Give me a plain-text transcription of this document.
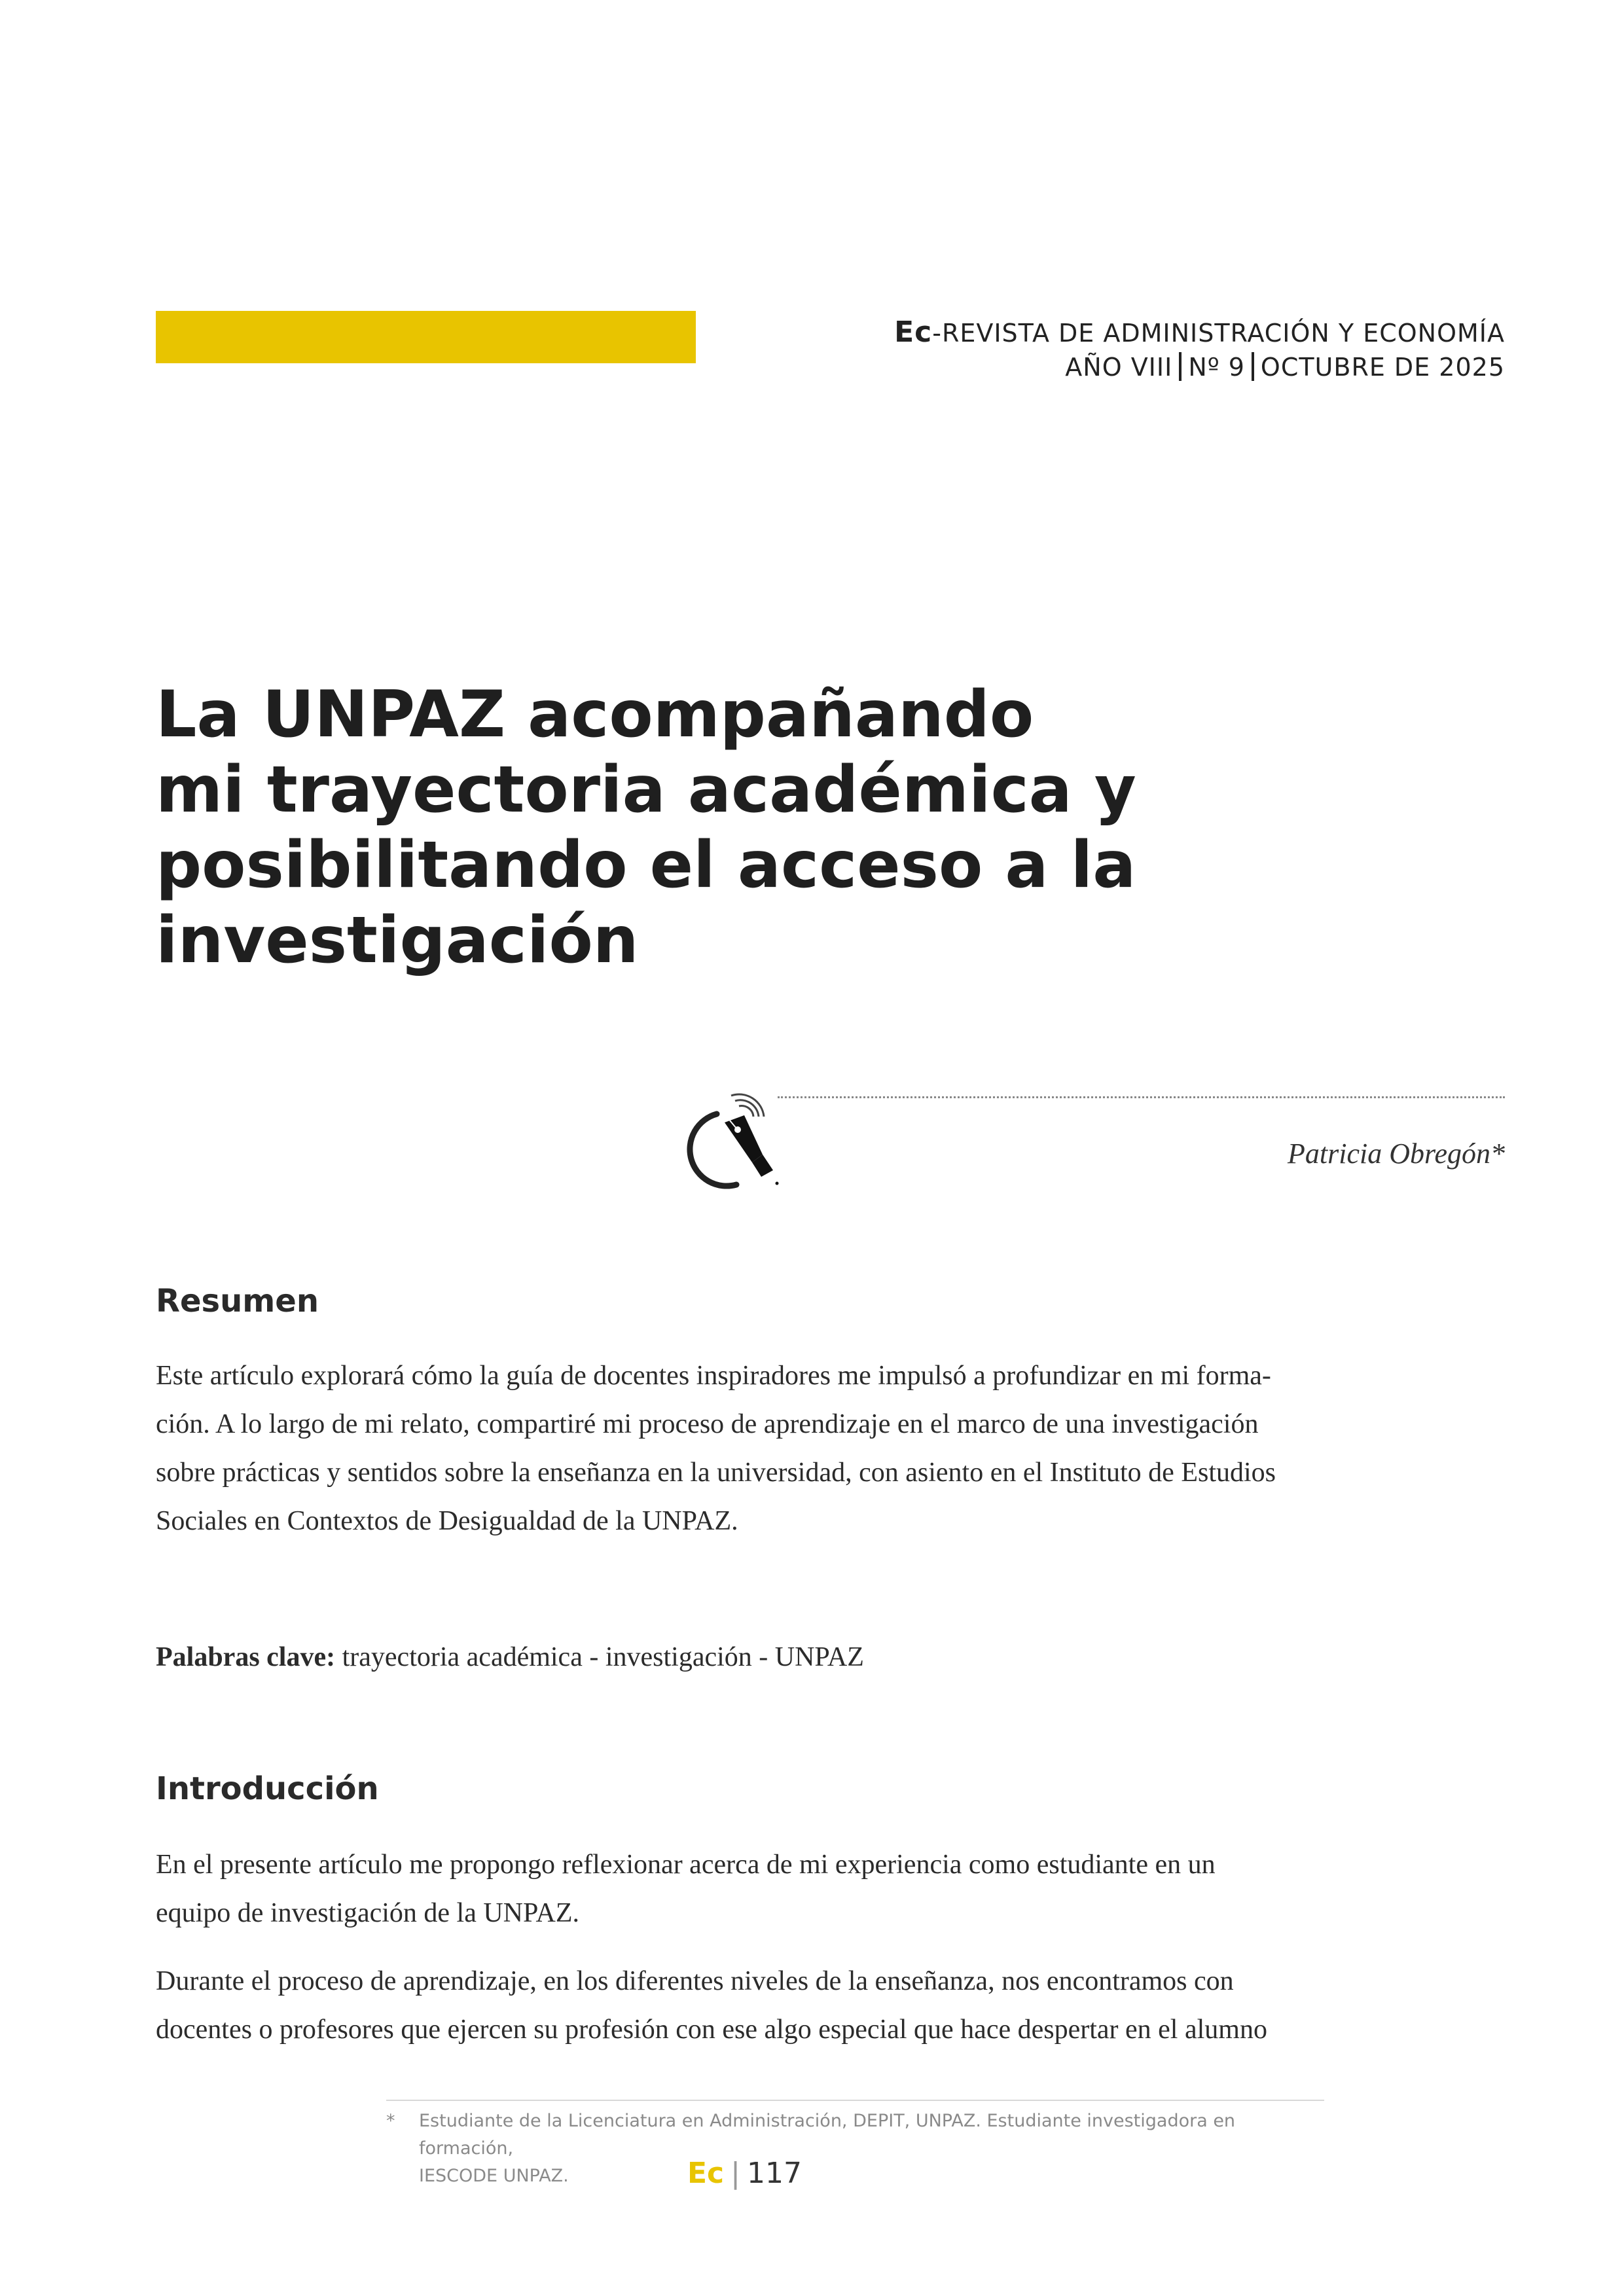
Ec-REVISTA DE ADMINISTRACIÓN Y ECONOMÍA
AÑO VIII Nº 9 OCTUBRE DE 2025
La UNPAZ acompañando
mi trayectoria académica y
posibilitando el acceso a la
investigación
Patricia Obregón*
Resumen
Este artículo explorará cómo la guía de docentes inspiradores me impulsó a profundizar en mi forma-
ción. A lo largo de mi relato, compartiré mi proceso de aprendizaje en el marco de una investigación
sobre prácticas y sentidos sobre la enseñanza en la universidad, con asiento en el Instituto de Estudios
Sociales en Contextos de Desigualdad de la UNPAZ.
Palabras clave: trayectoria académica - investigación - UNPAZ
Introducción
En el presente artículo me propongo reflexionar acerca de mi experiencia como estudiante en un
equipo de investigación de la UNPAZ.
Durante el proceso de aprendizaje, en los diferentes niveles de la enseñanza, nos encontramos con
docentes o profesores que ejercen su profesión con ese algo especial que hace despertar en el alumno
* Estudiante de la Licenciatura en Administración, DEPIT, UNPAZ. Estudiante investigadora en formación,
IESCODE UNPAZ.	Ec | 117
